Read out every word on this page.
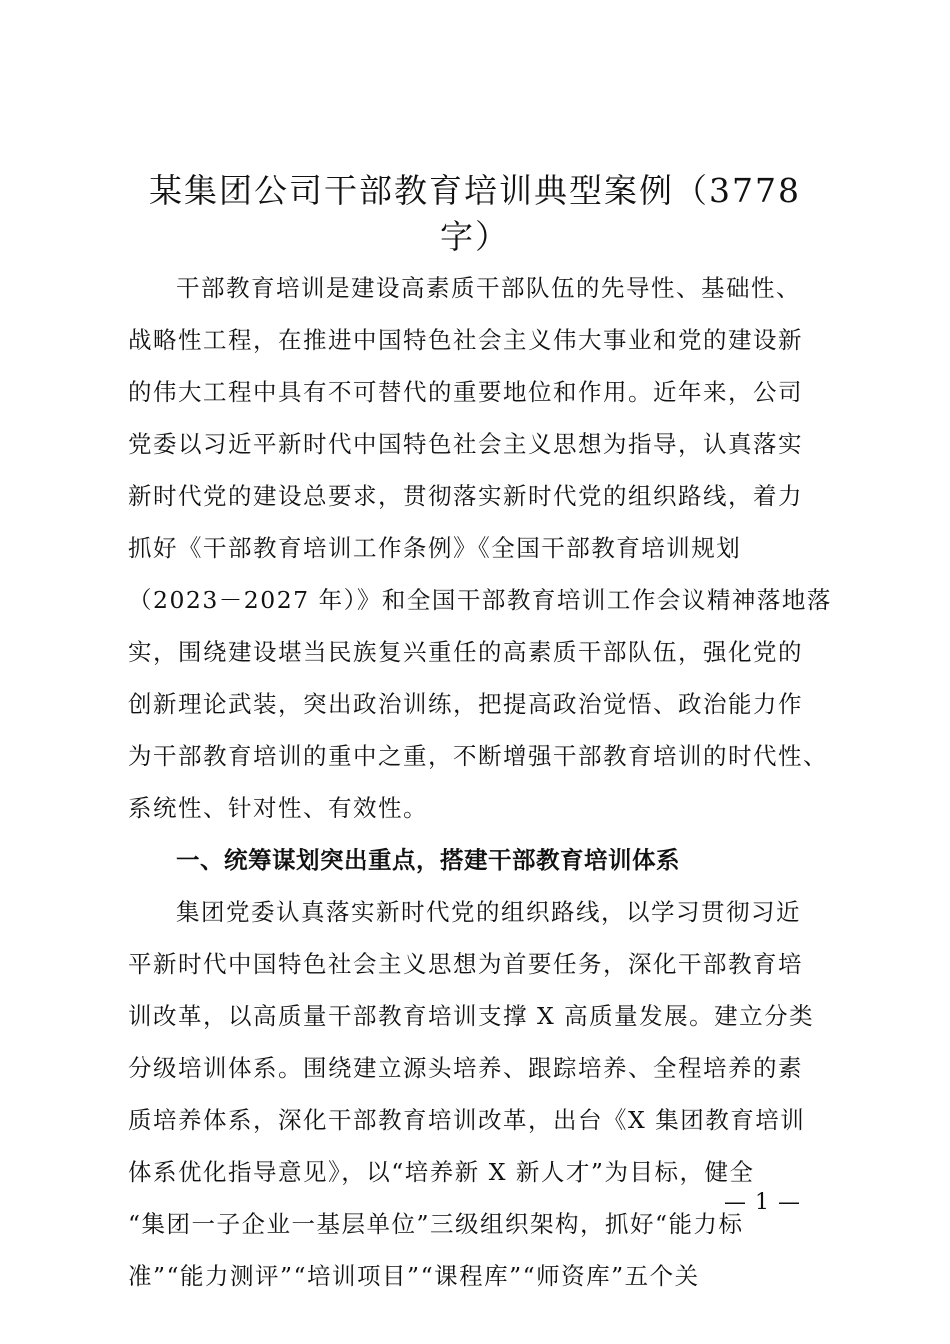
某集团公司干部教育培训典型案例（3778
字）
干部教育培训是建设高素质干部队伍的先导性、基础性、
战略性工程，在推进中国特色社会主义伟大事业和党的建设新
的伟大工程中具有不可替代的重要地位和作用。近年来，公司
党委以习近平新时代中国特色社会主义思想为指导，认真落实
新时代党的建设总要求，贯彻落实新时代党的组织路线，着力
抓好《干部教育培训工作条例》《全国干部教育培训规划
（2023－2027 年）》和全国干部教育培训工作会议精神落地落
实，围绕建设堪当民族复兴重任的高素质干部队伍，强化党的
创新理论武装，突出政治训练，把提高政治觉悟、政治能力作
为干部教育培训的重中之重，不断增强干部教育培训的时代性、
系统性、针对性、有效性。
一、统筹谋划突出重点，搭建干部教育培训体系
集团党委认真落实新时代党的组织路线，以学习贯彻习近
平新时代中国特色社会主义思想为首要任务，深化干部教育培
训改革，以高质量干部教育培训支撑 X 高质量发展。建立分类
分级培训体系。围绕建立源头培养、跟踪培养、全程培养的素
质培养体系，深化干部教育培训改革，出台《X 集团教育培训
体系优化指导意见》，以“培养新 X 新人才”为目标，健全
“集团一子企业一基层单位”三级组织架构，抓好“能力标
准”“能力测评”“培训项目”“课程库”“师资库”五个关
— 1 —
